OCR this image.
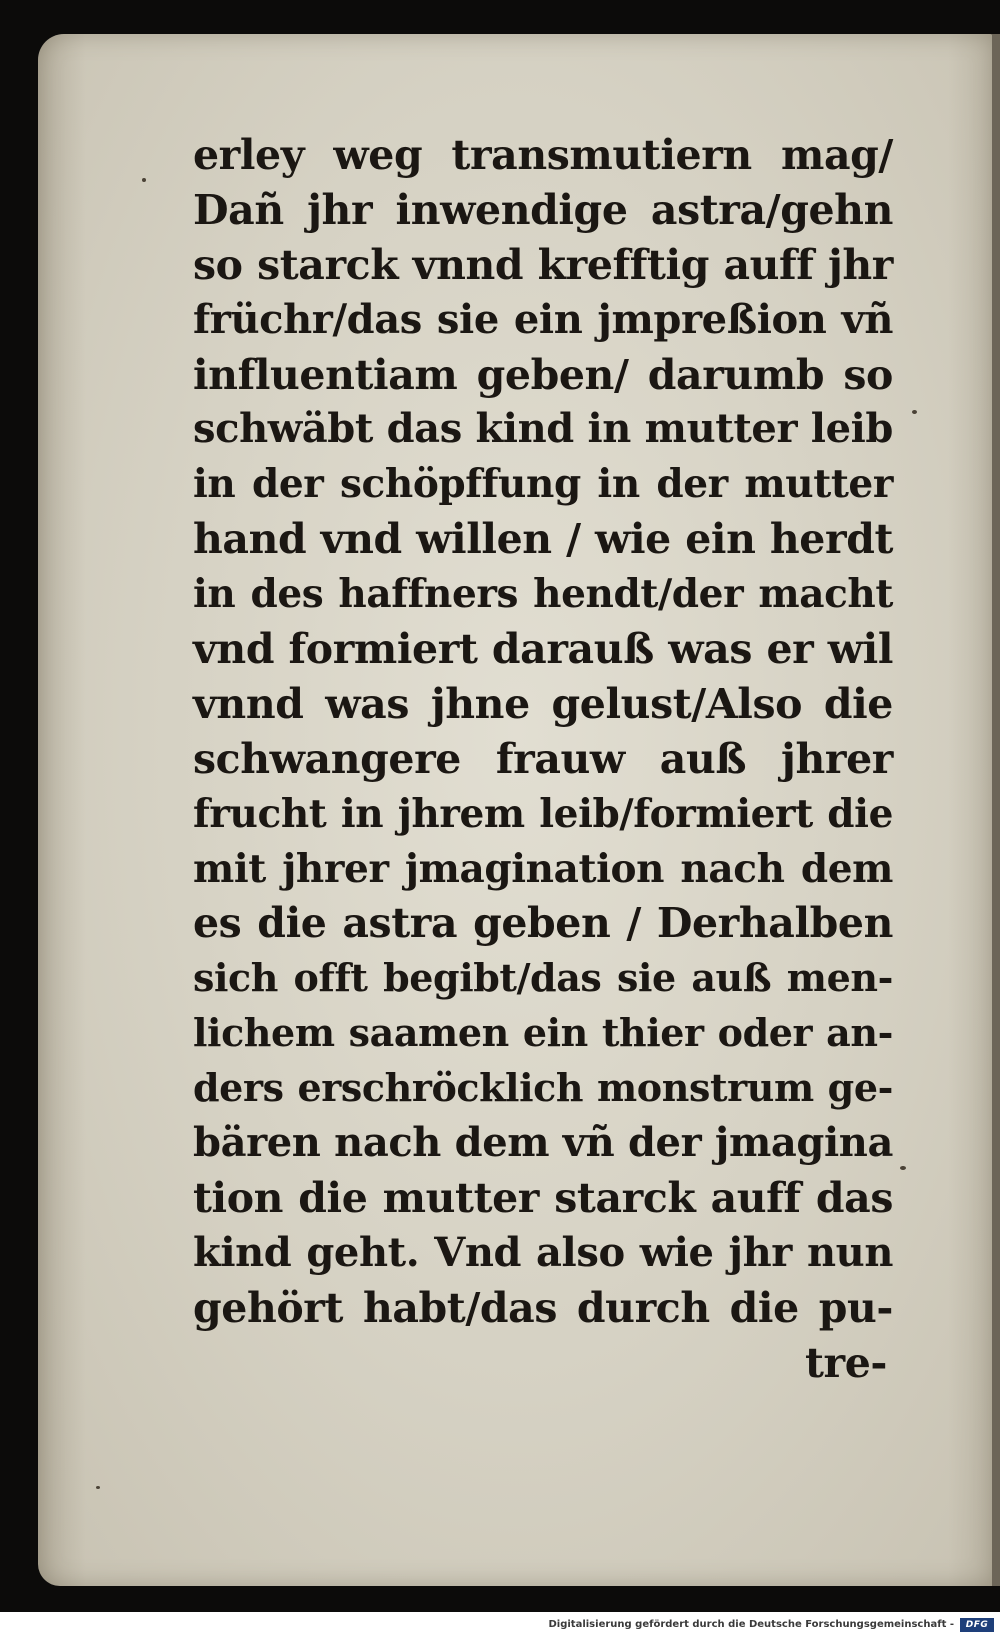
erley weg transmutiern mag/
Dañ jhr inwendige astra/gehn
so starck vnnd krefftig auff jhr
früchr/das sie ein jmpreßion vñ
influentiam geben/ darumb so
schwäbt das kind in mutter leib
in der schöpffung in der mutter
hand vnd willen / wie ein herdt
in des haffners hendt/der macht
vnd formiert darauß was er wil
vnnd was jhne gelust/Also die
schwangere frauw auß jhrer
frucht in jhrem leib/formiert die
mit jhrer jmagination nach dem
es die astra geben / Derhalben
sich offt begibt/das sie auß men-
lichem saamen ein thier oder an-
ders erschröcklich monstrum ge-
bären nach dem vñ der jmagina
tion die mutter starck auff das
kind geht. Vnd also wie jhr nun
gehört habt/das durch die pu-
tre-
Digitalisierung gefördert durch die Deutsche Forschungsgemeinschaft -	DFG
